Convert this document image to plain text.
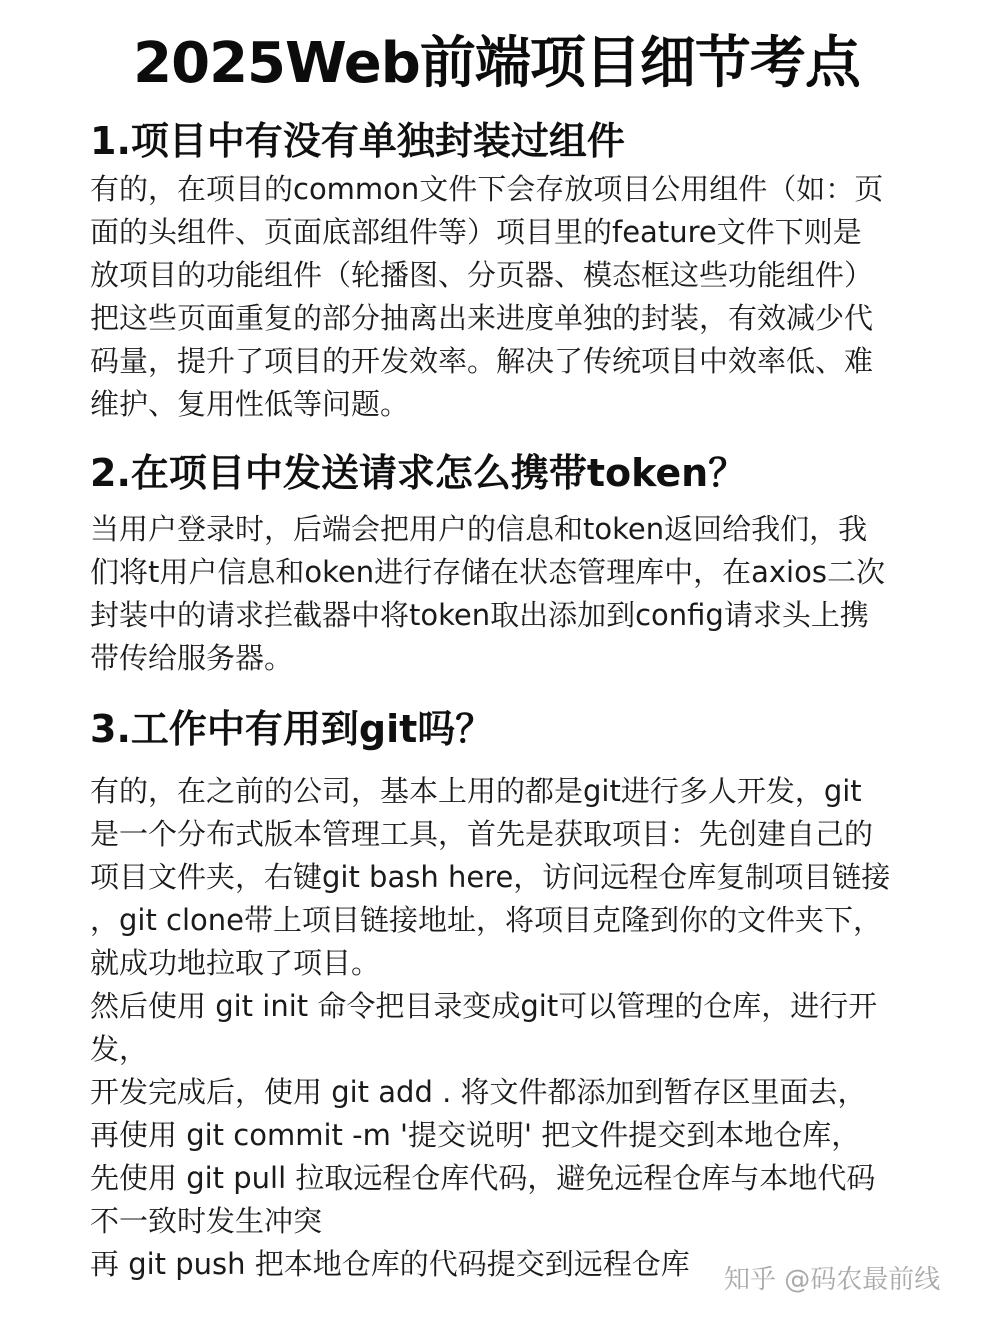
2025Web前端项目细节考点
1.项目中有没有单独封装过组件
有的，在项目的common文件下会存放项目公用组件（如：页
面的头组件、页面底部组件等）项目里的feature文件下则是
放项目的功能组件（轮播图、分页器、模态框这些功能组件）
把这些页面重复的部分抽离出来进度单独的封装，有效减少代
码量，提升了项目的开发效率。解决了传统项目中效率低、难
维护、复用性低等问题。
2.在项目中发送请求怎么携带token？
当用户登录时，后端会把用户的信息和token返回给我们，我
们将t用户信息和oken进行存储在状态管理库中，在axios二次
封装中的请求拦截器中将token取出添加到config请求头上携
带传给服务器。
3.工作中有用到git吗？
有的，在之前的公司，基本上用的都是git进行多人开发，git
是一个分布式版本管理工具，首先是获取项目：先创建自己的
项目文件夹，右键git bash here，访问远程仓库复制项目链接
，git clone带上项目链接地址，将项目克隆到你的文件夹下，
就成功地拉取了项目。
然后使用 git init 命令把目录变成git可以管理的仓库，进行开
发，
开发完成后，使用 git add . 将文件都添加到暂存区里面去，
再使用 git commit -m '提交说明' 把文件提交到本地仓库，
先使用 git pull 拉取远程仓库代码，避免远程仓库与本地代码
不一致时发生冲突
再 git push 把本地仓库的代码提交到远程仓库 知乎 @码农最前线
